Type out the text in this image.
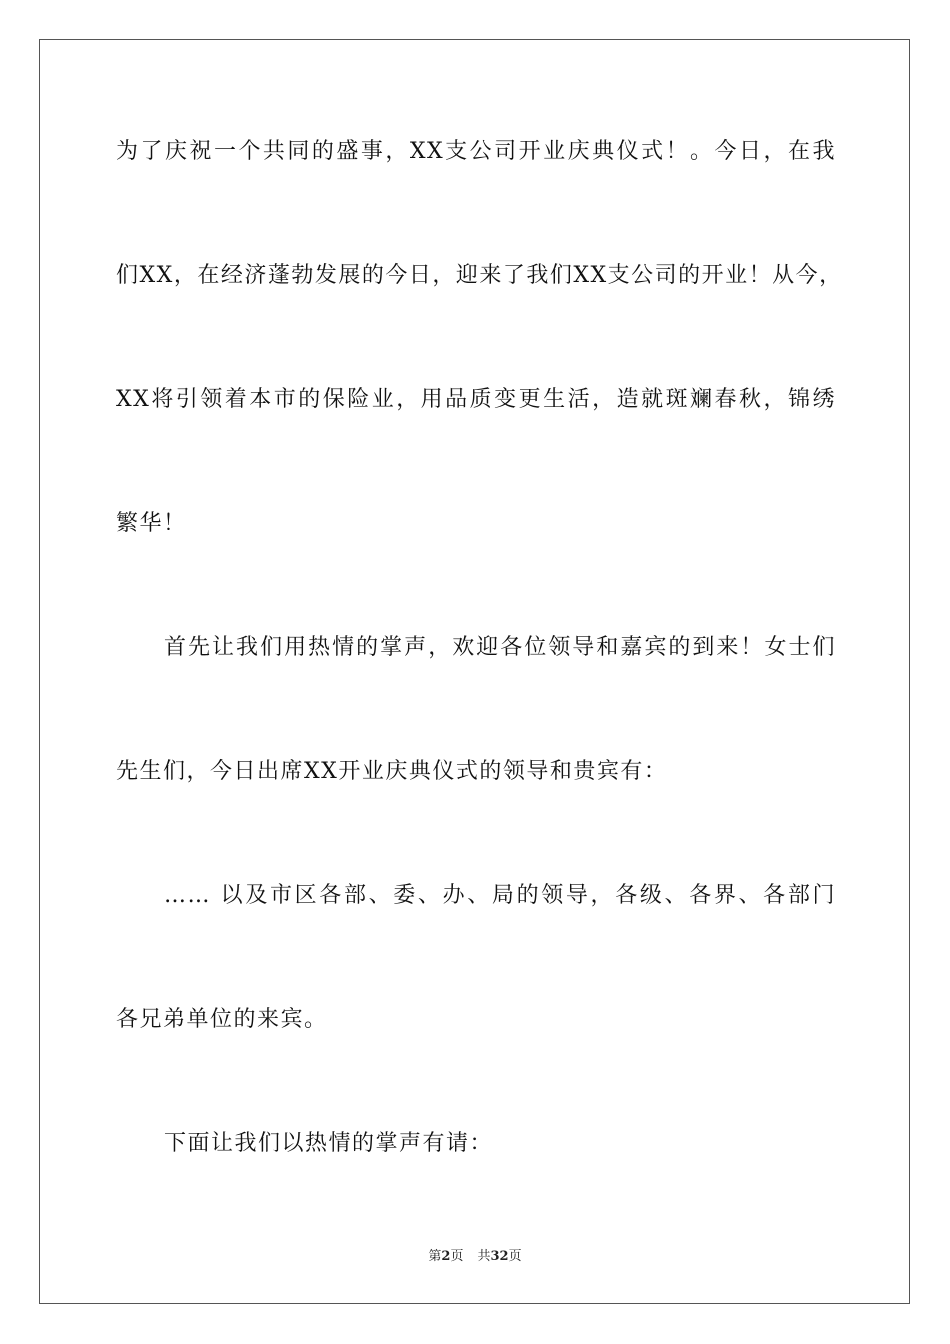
为了庆祝一个共同的盛事，XX支公司开业庆典仪式！。今日，在我
们XX，在经济蓬勃发展的今日，迎来了我们XX支公司的开业！从今，
XX将引领着本市的保险业，用品质变更生活，造就斑斓春秋，锦绣
繁华！
首先让我们用热情的掌声，欢迎各位领导和嘉宾的到来！女士们
先生们，今日出席XX开业庆典仪式的领导和贵宾有：
…… 以及市区各部、委、办、局的领导，各级、各界、各部门
各兄弟单位的来宾。
下面让我们以热情的掌声有请：
第2页 共32页
